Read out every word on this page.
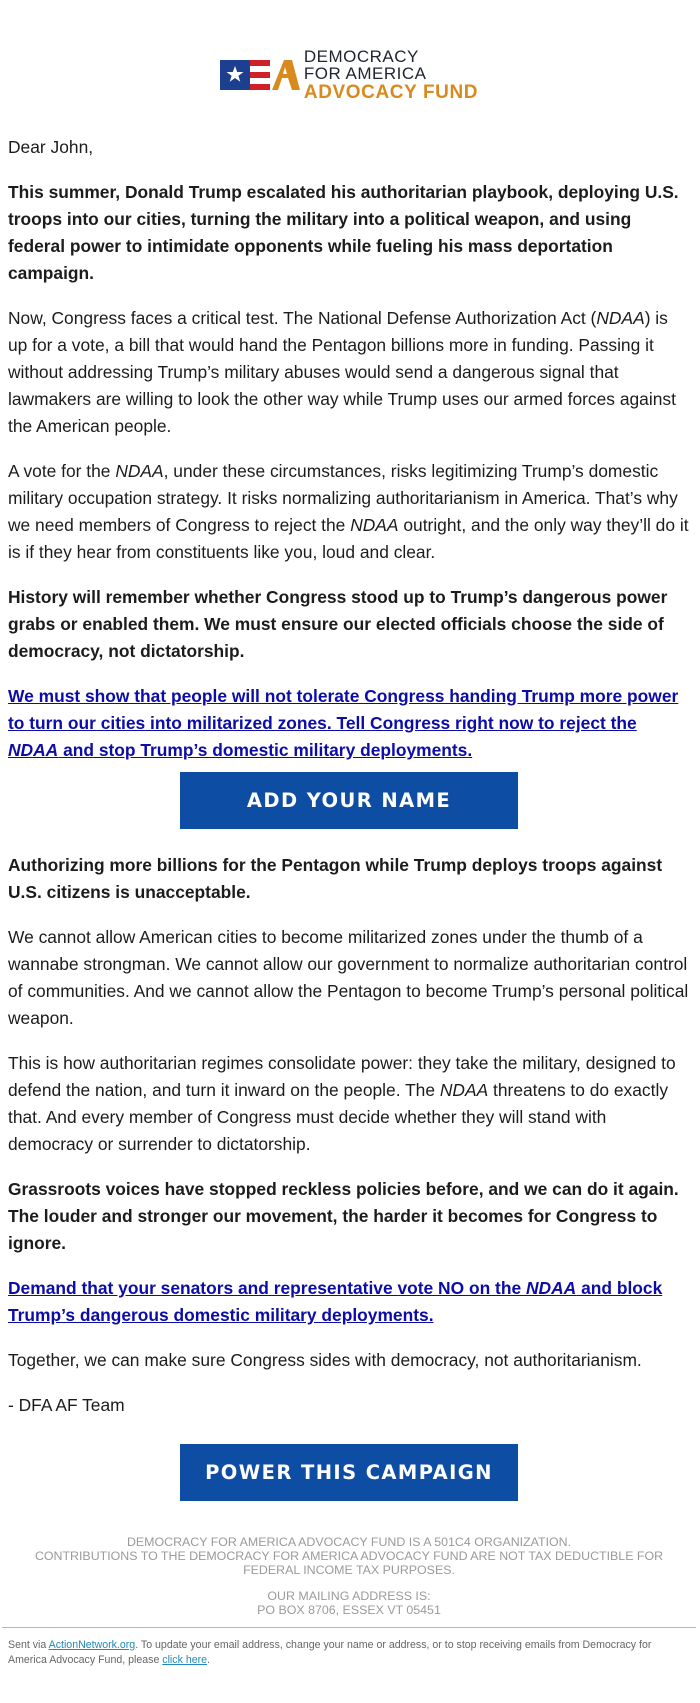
DEMOCRACY
FOR AMERICA
ADVOCACY FUND

Dear John,

This summer, Donald Trump escalated his authoritarian playbook, deploying U.S. troops into our cities, turning the military into a political weapon, and using federal power to intimidate opponents while fueling his mass deportation campaign.

Now, Congress faces a critical test. The National Defense Authorization Act (NDAA) is up for a vote, a bill that would hand the Pentagon billions more in funding. Passing it without addressing Trump’s military abuses would send a dangerous signal that lawmakers are willing to look the other way while Trump uses our armed forces against the American people.

A vote for the NDAA, under these circumstances, risks legitimizing Trump’s domestic military occupation strategy. It risks normalizing authoritarianism in America. That’s why we need members of Congress to reject the NDAA outright, and the only way they’ll do it is if they hear from constituents like you, loud and clear.

History will remember whether Congress stood up to Trump’s dangerous power grabs or enabled them. We must ensure our elected officials choose the side of democracy, not dictatorship.

We must show that people will not tolerate Congress handing Trump more power to turn our cities into militarized zones. Tell Congress right now to reject the NDAA and stop Trump’s domestic military deployments.

ADD YOUR NAME

Authorizing more billions for the Pentagon while Trump deploys troops against U.S. citizens is unacceptable.

We cannot allow American cities to become militarized zones under the thumb of a wannabe strongman. We cannot allow our government to normalize authoritarian control of communities. And we cannot allow the Pentagon to become Trump’s personal political weapon.

This is how authoritarian regimes consolidate power: they take the military, designed to defend the nation, and turn it inward on the people. The NDAA threatens to do exactly that. And every member of Congress must decide whether they will stand with democracy or surrender to dictatorship.

Grassroots voices have stopped reckless policies before, and we can do it again. The louder and stronger our movement, the harder it becomes for Congress to ignore.

Demand that your senators and representative vote NO on the NDAA and block Trump’s dangerous domestic military deployments.

Together, we can make sure Congress sides with democracy, not authoritarianism.

- DFA AF Team

POWER THIS CAMPAIGN
DEMOCRACY FOR AMERICA ADVOCACY FUND IS A 501C4 ORGANIZATION.
CONTRIBUTIONS TO THE DEMOCRACY FOR AMERICA ADVOCACY FUND ARE NOT TAX DEDUCTIBLE FOR FEDERAL INCOME TAX PURPOSES.
OUR MAILING ADDRESS IS:
PO BOX 8706, ESSEX VT 05451
Sent via ActionNetwork.org. To update your email address, change your name or address, or to stop receiving emails from Democracy for America Advocacy Fund, please click here.
